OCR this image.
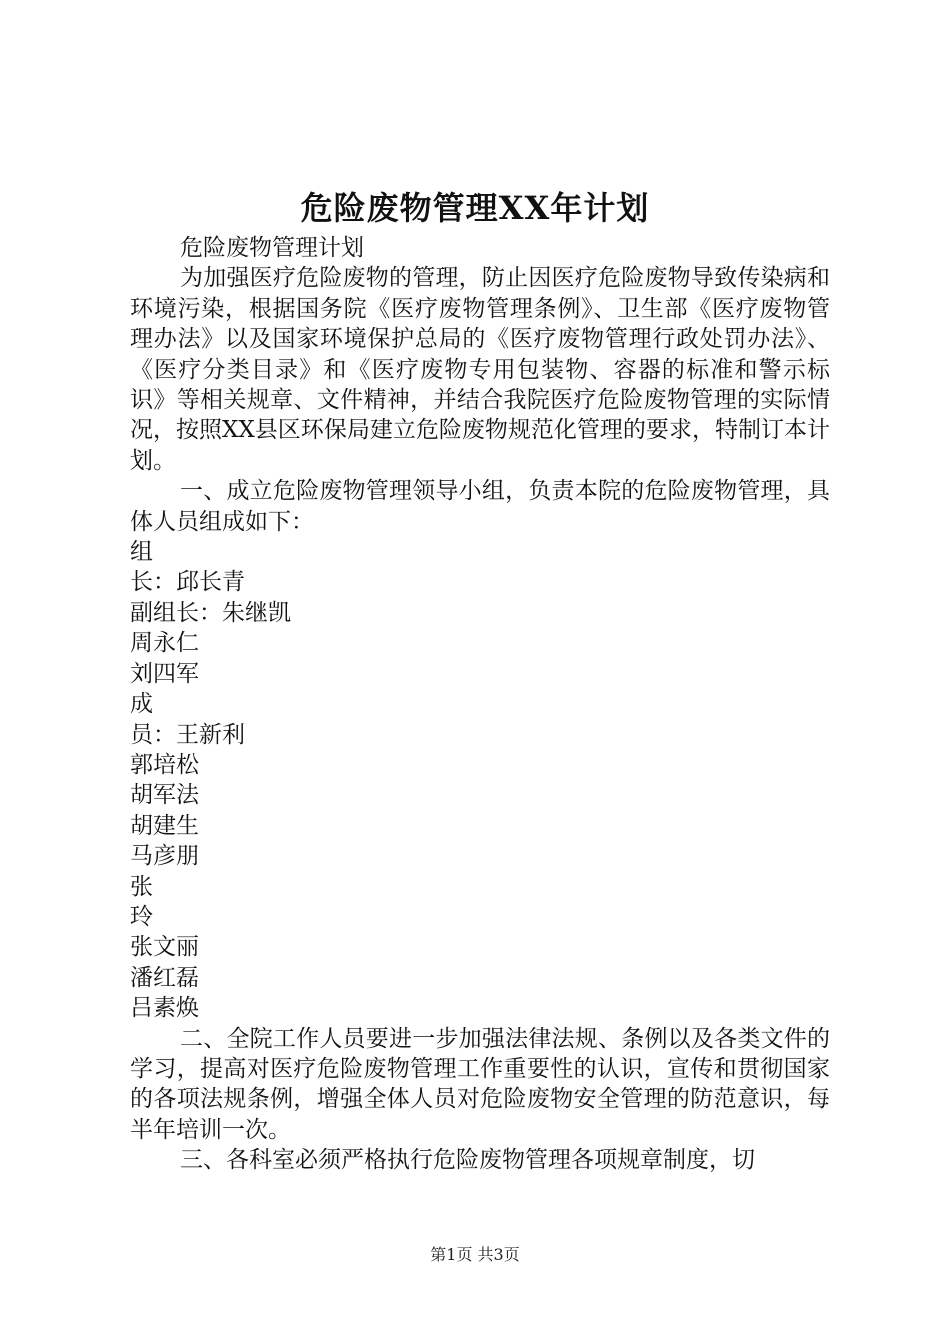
危险废物管理XX年计划

危险废物管理计划

为加强医疗危险废物的管理，防止因医疗危险废物导致传染病和环境污染，根据国务院《医疗废物管理条例》、卫生部《医疗废物管理办法》以及国家环境保护总局的《医疗废物管理行政处罚办法》、《医疗分类目录》和《医疗废物专用包装物、容器的标准和警示标识》等相关规章、文件精神，并结合我院医疗危险废物管理的实际情况，按照XX县区环保局建立危险废物规范化管理的要求，特制订本计划。

一、成立危险废物管理领导小组，负责本院的危险废物管理，具体人员组成如下：

组

长：邱长青

副组长：朱继凯

周永仁

刘四军

成

员：王新利

郭培松

胡军法

胡建生

马彦朋

张

玲

张文丽

潘红磊

吕素焕

二、全院工作人员要进一步加强法律法规、条例以及各类文件的学习，提高对医疗危险废物管理工作重要性的认识，宣传和贯彻国家的各项法规条例，增强全体人员对危险废物安全管理的防范意识，每半年培训一次。

三、各科室必须严格执行危险废物管理各项规章制度，切

第1页 共3页
